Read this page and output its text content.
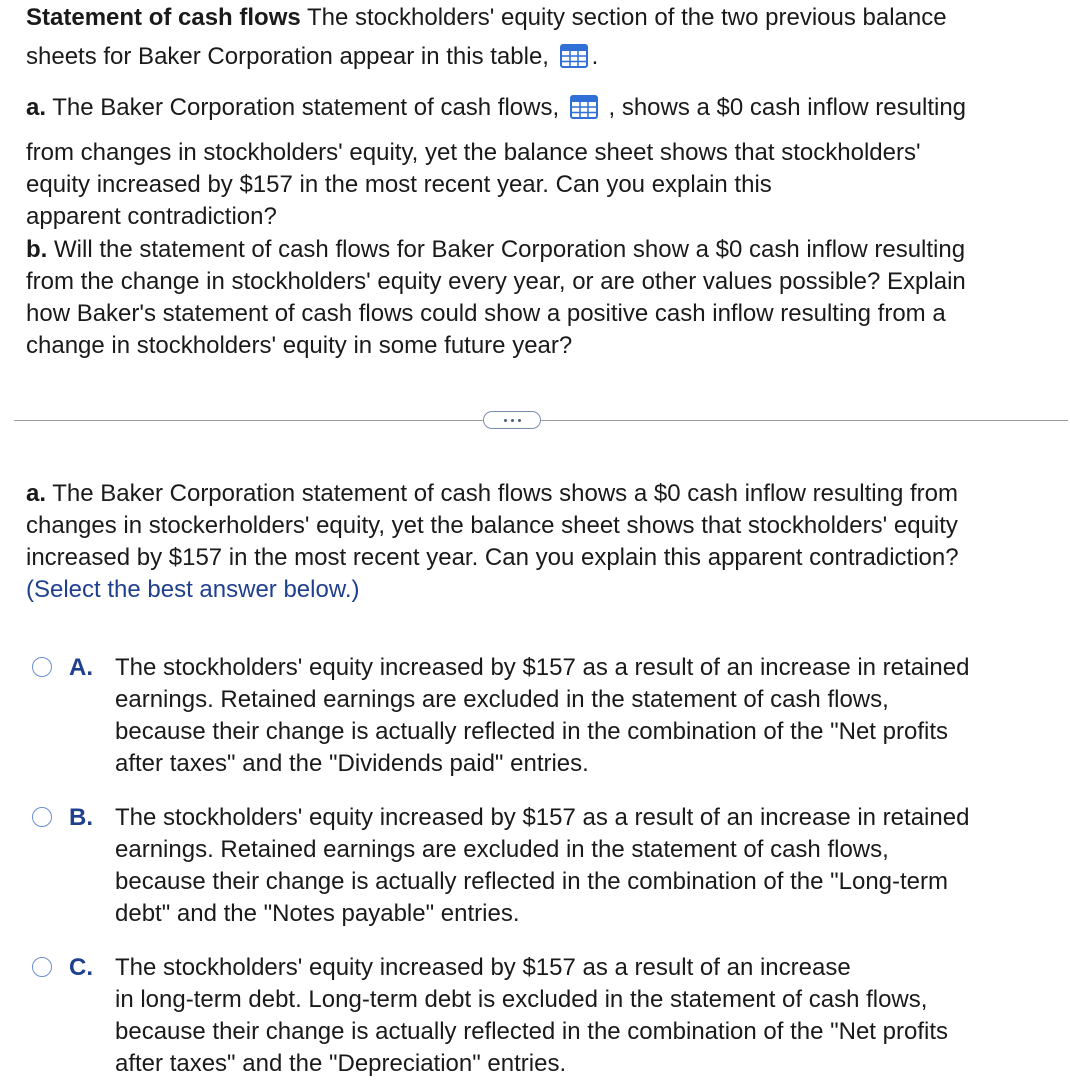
Statement of cash flows The stockholders' equity section of the two previous balance
sheets for Baker Corporation appear in this table, .
a. The Baker Corporation statement of cash flows, , shows a $0 cash inflow resulting
from changes in stockholders' equity, yet the balance sheet shows that stockholders'
equity increased by $157 in the most recent year. Can you explain this
apparent contradiction?
b. Will the statement of cash flows for Baker Corporation show a $0 cash inflow resulting
from the change in stockholders' equity every year, or are other values possible? Explain
how Baker's statement of cash flows could show a positive cash inflow resulting from a
change in stockholders' equity in some future year?
a. The Baker Corporation statement of cash flows shows a $0 cash inflow resulting from
changes in stockerholders' equity, yet the balance sheet shows that stockholders' equity
increased by $157 in the most recent year. Can you explain this apparent contradiction?
(Select the best answer below.)
A. The stockholders' equity increased by $157 as a result of an increase in retained
earnings. Retained earnings are excluded in the statement of cash flows,
because their change is actually reflected in the combination of the "Net profits
after taxes" and the "Dividends paid" entries.
B. The stockholders' equity increased by $157 as a result of an increase in retained
earnings. Retained earnings are excluded in the statement of cash flows,
because their change is actually reflected in the combination of the "Long-term
debt" and the "Notes payable" entries.
C. The stockholders' equity increased by $157 as a result of an increase
in long-term debt. Long-term debt is excluded in the statement of cash flows,
because their change is actually reflected in the combination of the "Net profits
after taxes" and the "Depreciation" entries.
